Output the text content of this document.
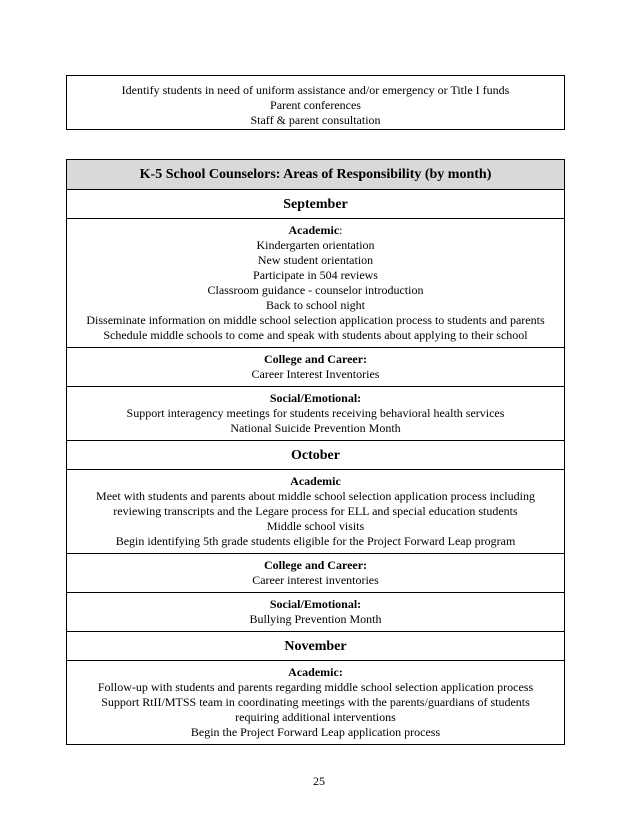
Identify students in need of uniform assistance and/or emergency or Title I funds
Parent conferences
Staff & parent consultation
K-5 School Counselors: Areas of Responsibility (by month)
September
Academic:
Kindergarten orientation
New student orientation
Participate in 504 reviews
Classroom guidance - counselor introduction
Back to school night
Disseminate information on middle school selection application process to students and parents
Schedule middle schools to come and speak with students about applying to their school
College and Career:
Career Interest Inventories
Social/Emotional:
Support interagency meetings for students receiving behavioral health services
National Suicide Prevention Month
October
Academic
Meet with students and parents about middle school selection application process including
reviewing transcripts and the Legare process for ELL and special education students
Middle school visits
Begin identifying 5th grade students eligible for the Project Forward Leap program
College and Career:
Career interest inventories
Social/Emotional:
Bullying Prevention Month
November
Academic:
Follow-up with students and parents regarding middle school selection application process
Support RtII/MTSS team in coordinating meetings with the parents/guardians of students
requiring additional interventions
Begin the Project Forward Leap application process
25
